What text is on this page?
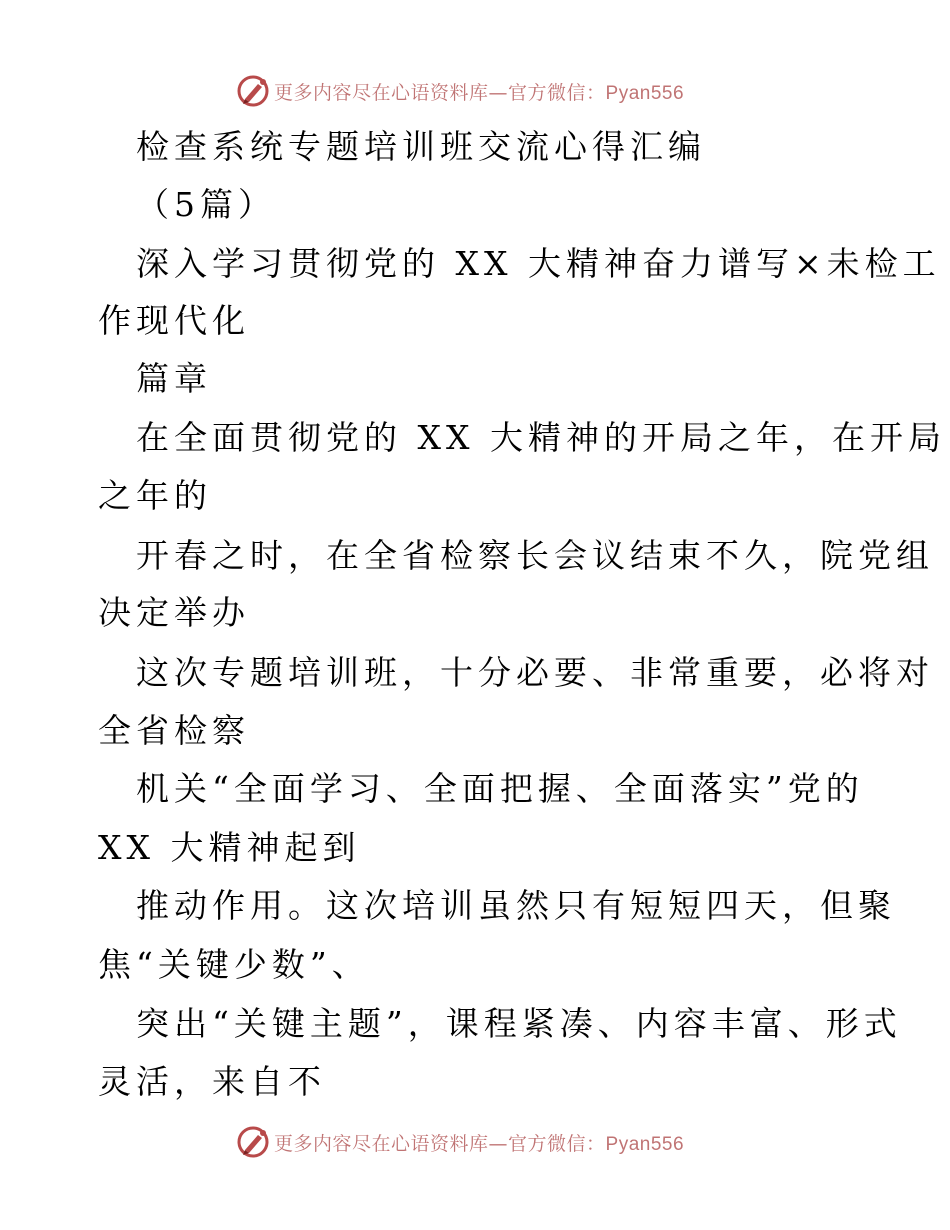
更多内容尽在心语资料库—官方微信：Pyan556
检查系统专题培训班交流心得汇编
（5篇）
深入学习贯彻党的 XX 大精神奋力谱写×未检工
作现代化
篇章
在全面贯彻党的 XX 大精神的开局之年，在开局
之年的
开春之时，在全省检察长会议结束不久，院党组
决定举办
这次专题培训班，十分必要、非常重要，必将对
全省检察
机关“全面学习、全面把握、全面落实”党的
XX 大精神起到
推动作用。这次培训虽然只有短短四天，但聚
焦“关键少数”、
突出“关键主题”，课程紧凑、内容丰富、形式
灵活，来自不
更多内容尽在心语资料库—官方微信：Pyan556
